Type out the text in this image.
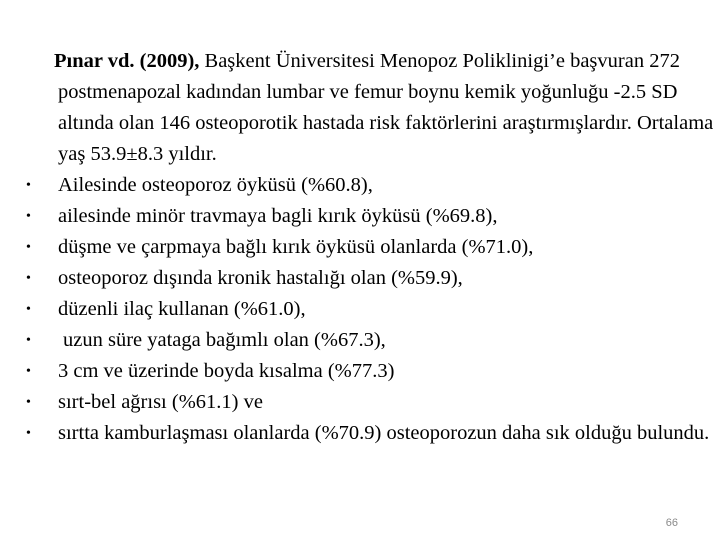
Pınar vd. (2009), Başkent Üniversitesi Menopoz Poliklinigi’e başvuran 272 postmenapozal kadından lumbar ve femur boynu kemik yoğunluğu -2.5 SD altında olan 146 osteoporotik hastada risk faktörlerini araştırmışlardır. Ortalama yaş 53.9±8.3 yıldır.

•	Ailesinde osteoporoz öyküsü (%60.8),
•	ailesinde minör travmaya bagli kırık öyküsü (%69.8),
•	düşme ve çarpmaya bağlı kırık öyküsü olanlarda (%71.0),
•	osteoporoz dışında kronik hastalığı olan (%59.9),
•	düzenli ilaç kullanan (%61.0),
•	uzun süre yataga bağımlı olan (%67.3),
•	3 cm ve üzerinde boyda kısalma (%77.3)
•	sırt-bel ağrısı (%61.1) ve
•	sırtta kamburlaşması olanlarda (%70.9) osteoporozun daha sık olduğu bulundu.
66
